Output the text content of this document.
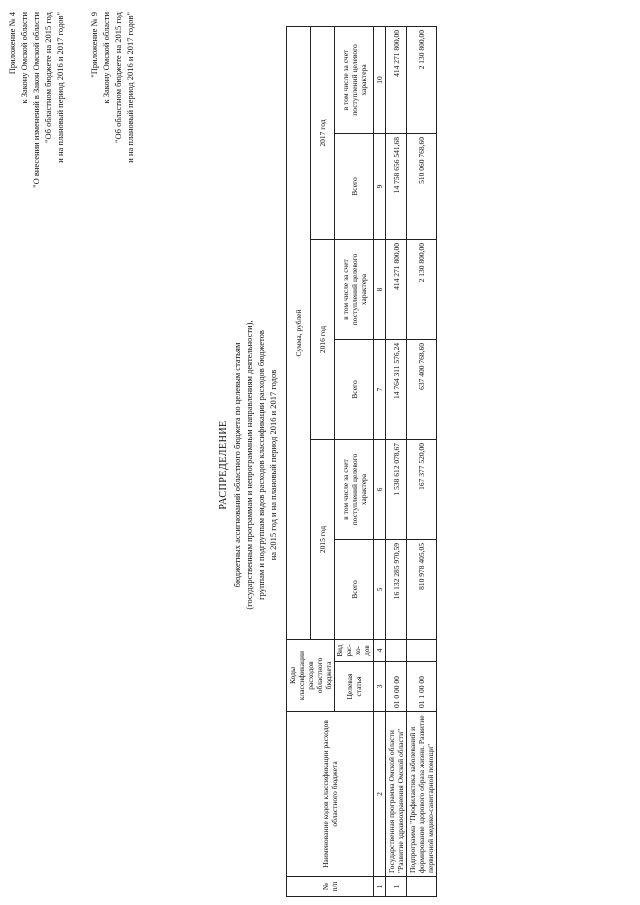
Приложение № 4 к Закону Омской области "О внесении изменений в Закон Омской области "Об областном бюджете на 2015 год и на плановый период 2016 и 2017 годов"	"Приложение № 9 к Закону Омской области "Об областном бюджете на 2015 год и на плановый период 2016 и 2017 годов"
РАСПРЕДЕЛЕНИЕ бюджетных ассигнований областного бюджета по целевым статьям (государственным программам и непрограммным направлениям деятельности), группам и подгруппам видов расходов классификации расходов бюджетов на 2015 год и на плановый период 2016 и 2017 годов
№ п/п	Наименование кодов классификации расходов областного бюджета	Коды классификации расходов областного бюджета		Сумма, рублей					
				2015 год		2016 год		2017 год	
		Целевая статья	Вид рас-хо-дов	Всего	в том числе за счет поступлений целевого характера	Всего	в том числе за счет поступлений целевого характера	Всего	в том числе за счет поступлений целевого характера

1	2	3	4	5	6	7	8	9	10
1	Государственная программа Омской области "Развитие здравоохранения Омской области"	01 0 00 00		16 132 285 970,59	1 538 612 078,67	14 764 311 576,24	414 271 800,00	14 758 656 541,68	414 271 800,00
	Подпрограмма "Профилактика заболеваний и формирование здорового образа жизни. Развитие первичной медико-санитарной помощи"	01 1 00 00		810 978 405,05	167 377 520,00	637 400 768,60	2 130 800,00	510 060 768,60	2 130 800,00
